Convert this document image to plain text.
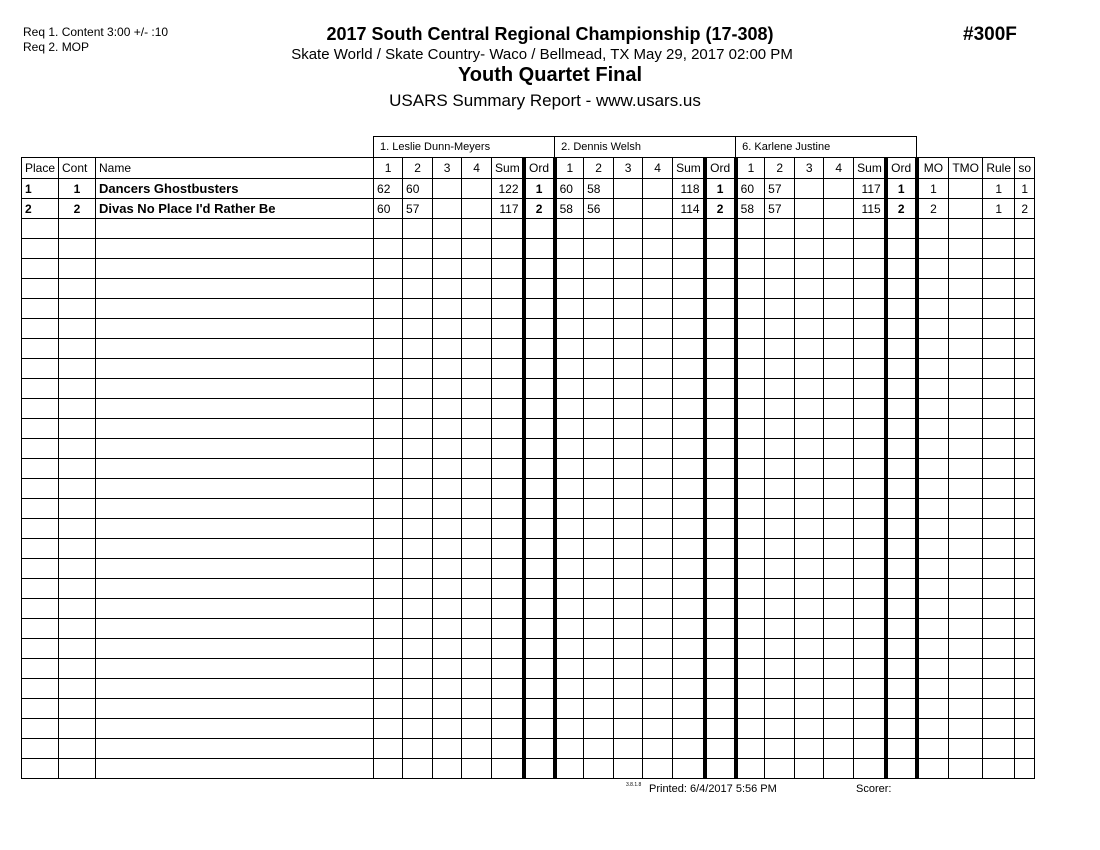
Req 1. Content 3:00 +/- :10
Req 2. MOP
2017 South Central Regional Championship (17-308)	#300F
Skate World / Skate Country- Waco / Bellmead, TX May 29, 2017 02:00 PM
Youth Quartet Final
USARS Summary Report - www.usars.us
			1. Leslie Dunn-Meyers						2. Dennis Welsh						6. Karlene Justine									
Place	Cont	Name	1	2	3	4	Sum	Ord	1	2	3	4	Sum	Ord	1	2	3	4	Sum	Ord	MO	TMO	Rule	so
1	1	Dancers Ghostbusters	62	60			122	1	60	58			118	1	60	57			117	1	1		1	1
2	2	Divas No Place I'd Rather Be	60	57			117	2	58	56			114	2	58	57			115	2	2		1	2

3.8.1.8 Printed: 6/4/2017 5:56 PM	Scorer:
